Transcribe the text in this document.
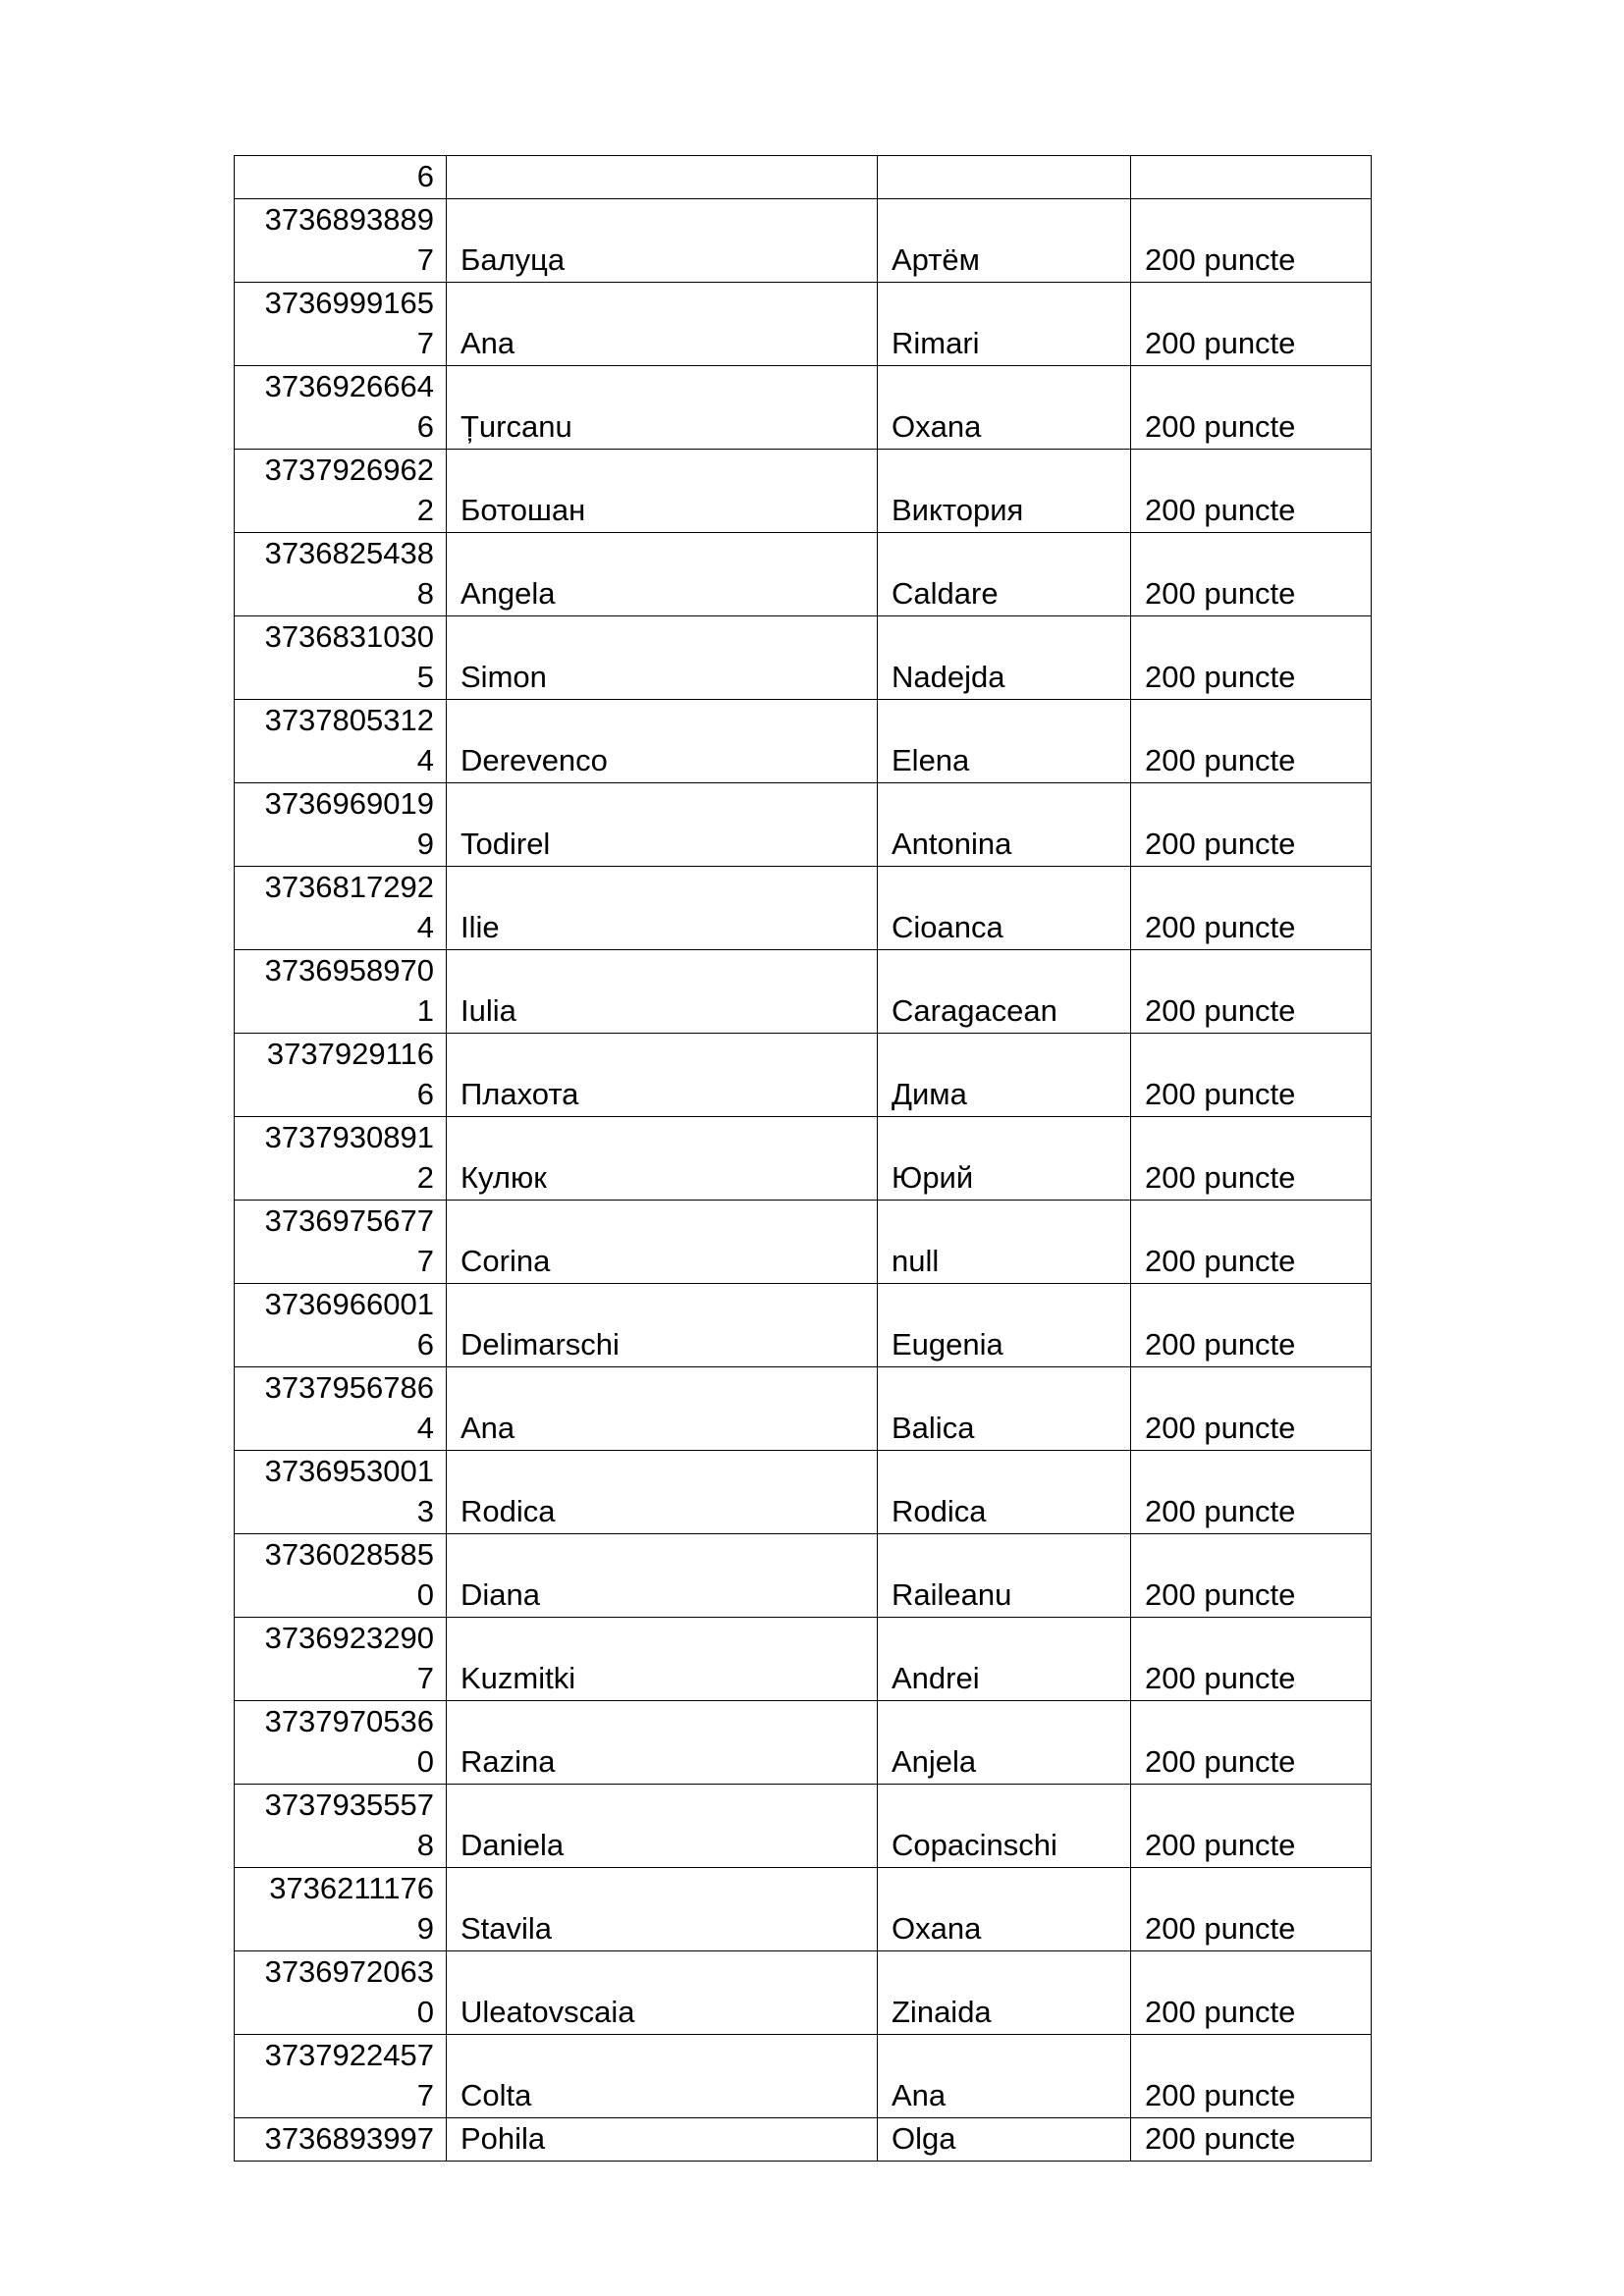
6			

3736893889
7	Балуца	Артём	200 puncte

3736999165
7	Ana	Rimari	200 puncte

3736926664
6	Țurcanu	Oxana	200 puncte

3737926962
2	Ботошан	Виктория	200 puncte

3736825438
8	Angela	Caldare	200 puncte

3736831030
5	Simon	Nadejda	200 puncte

3737805312
4	Derevenco	Elena	200 puncte

3736969019
9	Todirel	Antonina	200 puncte

3736817292
4	Ilie	Cioanca	200 puncte

3736958970
1	Iulia	Caragacean	200 puncte

3737929116
6	Плахота	Дима	200 puncte

3737930891
2	Кулюк	Юрий	200 puncte

3736975677
7	Corina	null	200 puncte

3736966001
6	Delimarschi	Eugenia	200 puncte

3737956786
4	Ana	Balica	200 puncte

3736953001
3	Rodica	Rodica	200 puncte

3736028585
0	Diana	Raileanu	200 puncte

3736923290
7	Kuzmitki	Andrei	200 puncte

3737970536
0	Razina	Anjela	200 puncte

3737935557
8	Daniela	Copacinschi	200 puncte

3736211176
9	Stavila	Oxana	200 puncte

3736972063
0	Uleatovscaia	Zinaida	200 puncte

3737922457
7	Colta	Ana	200 puncte
3736893997	Pohila	Olga	200 puncte
